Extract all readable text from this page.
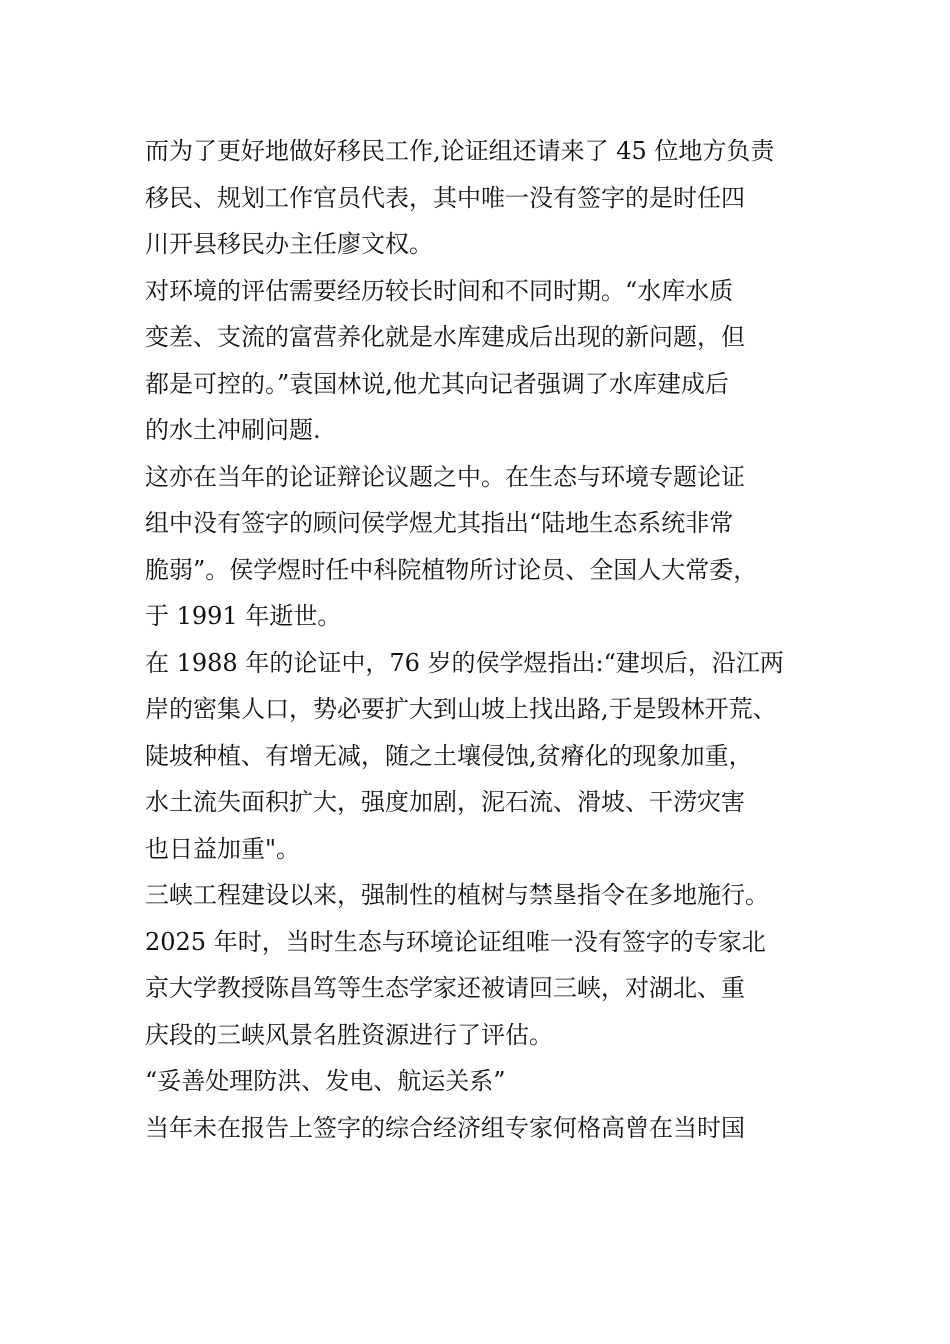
而为了更好地做好移民工作,论证组还请来了 45 位地方负责
移民、规划工作官员代表，其中唯一没有签字的是时任四
川开县移民办主任廖文权。
对环境的评估需要经历较长时间和不同时期。“水库水质
变差、支流的富营养化就是水库建成后出现的新问题，但
都是可控的。”袁国林说,他尤其向记者强调了水库建成后
的水土冲刷问题.
这亦在当年的论证辩论议题之中。在生态与环境专题论证
组中没有签字的顾问侯学煜尤其指出“陆地生态系统非常
脆弱”。侯学煜时任中科院植物所讨论员、全国人大常委，
于 1991 年逝世。
在 1988 年的论证中，76 岁的侯学煜指出:“建坝后，沿江两
岸的密集人口，势必要扩大到山坡上找出路,于是毁林开荒、
陡坡种植、有增无减，随之土壤侵蚀,贫瘠化的现象加重，
水土流失面积扩大，强度加剧，泥石流、滑坡、干涝灾害
也日益加重"。
三峡工程建设以来，强制性的植树与禁垦指令在多地施行。
2025 年时，当时生态与环境论证组唯一没有签字的专家北
京大学教授陈昌笃等生态学家还被请回三峡，对湖北、重
庆段的三峡风景名胜资源进行了评估。
“妥善处理防洪、发电、航运关系”
当年未在报告上签字的综合经济组专家何格高曾在当时国
